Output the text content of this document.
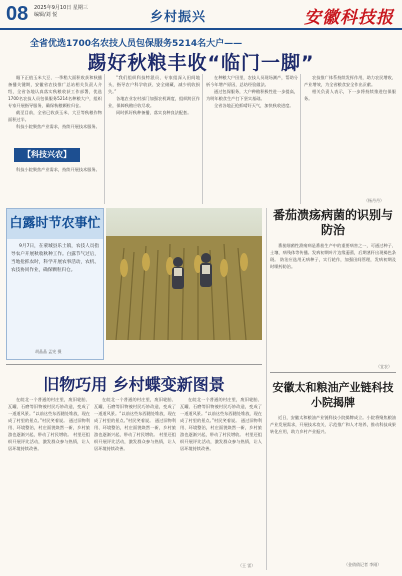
08 2025年9月10日 星期三
编辑/刘 悦	乡村振兴	安徽科技报
全省优选1700名农技人员包保服务5214名大户——
踢好秋粮丰收“临门一脚”

眼下正值玉米大豆、一季稻大面积收获和秋播备播关键期，安徽省农技推广总站相关负责人介绍，全省各地认真落实秋粮收获工作部署，优选1700名农技人员包保服务5214名种粮大户，组织专家开展指导服务，确保秋粮颗粒归仓。

截至目前，全省已收获玉米、大豆等秋粮作物面积过半。

科技小院聚焦产业需求，持续开展技术服务。

【科技兴农】

科技小院聚焦产业需求，持续开展技术服务。

“我们组织科技特派员、专家组深入田间地头，指导农户科学收获、安全储藏，减少机收损失。”

各地农业农村部门加强农机调度，组织跨区作业，保障秋粮应收尽收。

同时抓好秋种备播，落实良种良法配套。

在种粮大户田里，农技人员现场测产，帮助分析今年增产原因，总结经验做法。

通过包保服务，大户种粮积极性进一步提高，为明年粮食生产打下坚实基础。

全省各地正抢抓晴好天气，加快秋收进度。

农技推广体系持续发挥作用，助力农民增收、产业增效，为全省粮食安全作出贡献。

相关负责人表示，下一步将持续推进包保服务。

（杨丹丹）
白露时节农事忙

9月7日，在蒙城县乐土镇，农技人员指导农户开展秋收秋种工作。白露节气过后，当地抢抓农时，科学开展农事活动，农机、农技协同作业，确保颗粒归仓。

胡晶晶 孟宪 摄
番茄溃疡病菌的识别与防治

番茄细菌性溃疡病是番茄生产中的重要病害之一，可通过种子、土壤、病残体等传播。发病初期叶片边缘萎蔫，后期茎秆出现褐色条斑。 防治应选用无病种子，实行轮作，加强田间管理，发病初期及时喷药防治。

（宜农）
安徽太和粮油产业链科技小院揭牌

近日，安徽太和粮油产业链科技小院揭牌成立。小院将聚焦粮油产业发展需求，开展技术攻关、示范推广和人才培养，推动科技成果转化应用，助力乡村产业振兴。

（金倩倩记者 李刚）
旧物巧用 乡村蝶变新图景

在皖北一个普通的村庄里，废旧轮胎、瓦罐、石磨等旧物被村民巧妙改造，变成了一道道风景。“以前这些东西随处堆放，现在成了村里的景点。”村民笑着说。 通过旧物利用、环境整治，村庄面貌焕然一新，乡村旅游也逐渐兴起，带动了村民增收。 村里还组织开展评比活动，激发群众参与热情，让人居环境持续改善。

在皖北一个普通的村庄里，废旧轮胎、瓦罐、石磨等旧物被村民巧妙改造，变成了一道道风景。“以前这些东西随处堆放，现在成了村里的景点。”村民笑着说。 通过旧物利用、环境整治，村庄面貌焕然一新，乡村旅游也逐渐兴起，带动了村民增收。 村里还组织开展评比活动，激发群众参与热情，让人居环境持续改善。

在皖北一个普通的村庄里，废旧轮胎、瓦罐、石磨等旧物被村民巧妙改造，变成了一道道风景。“以前这些东西随处堆放，现在成了村里的景点。”村民笑着说。 通过旧物利用、环境整治，村庄面貌焕然一新，乡村旅游也逐渐兴起，带动了村民增收。 村里还组织开展评比活动，激发群众参与热情，让人居环境持续改善。

（王 雷）
